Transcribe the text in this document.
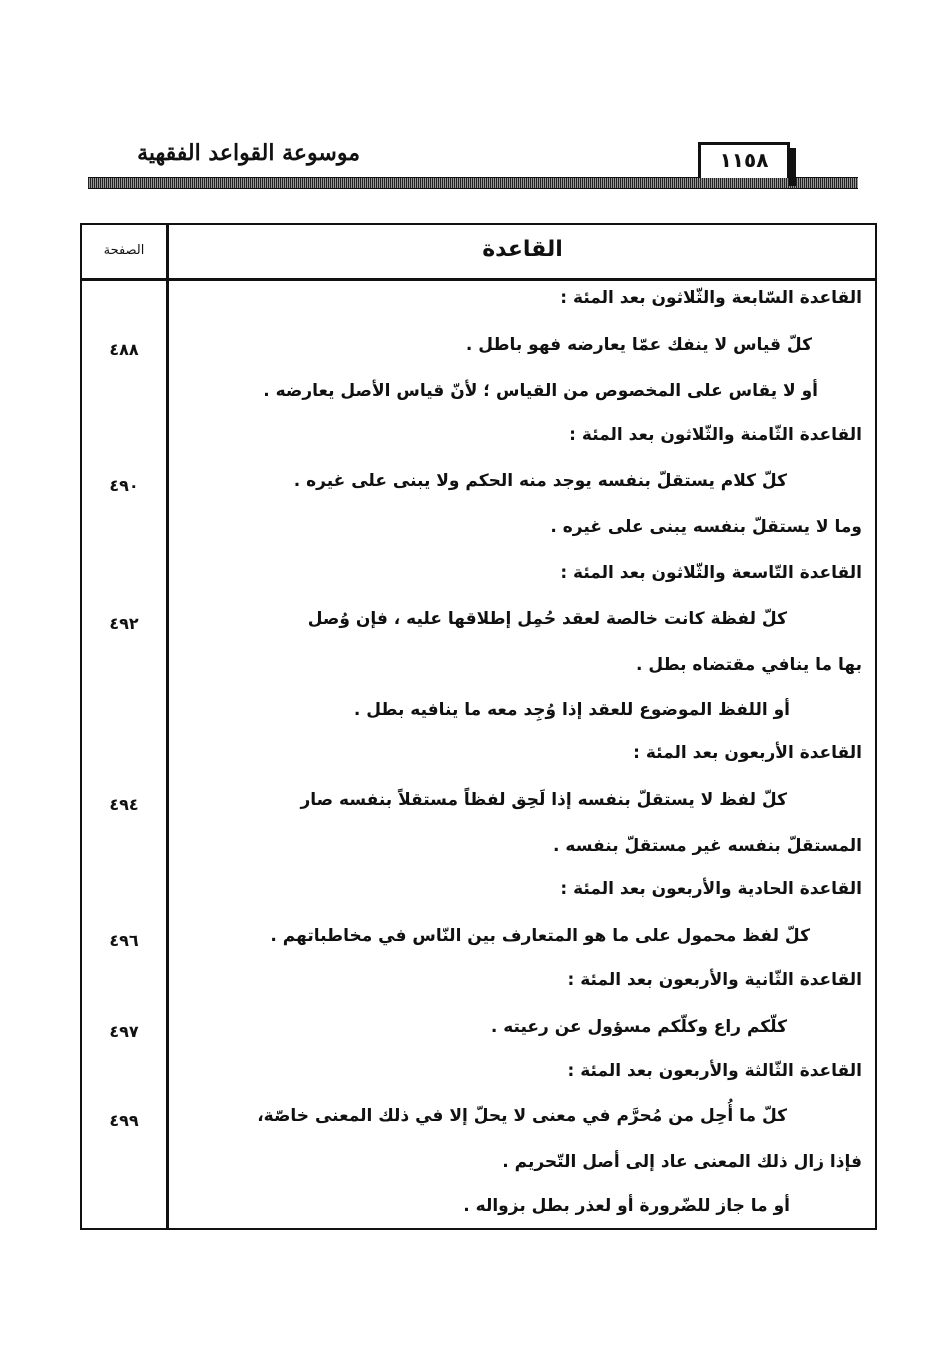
موسوعة القواعد الفقهية	١١٥٨
القاعدة
الصفحة
القاعدة السّابعة والثّلاثون بعد المئة :
كلّ قياس لا ينفك عمّا يعارضه فهو باطل .
٤٨٨
أو لا يقاس على المخصوص من القياس ؛ لأنّ قياس الأصل يعارضه .
القاعدة الثّامنة والثّلاثون بعد المئة :
كلّ كلام يستقلّ بنفسه يوجد منه الحكم ولا يبنى على غيره .
٤٩٠
وما لا يستقلّ بنفسه يبنى على غيره .
القاعدة التّاسعة والثّلاثون بعد المئة :
كلّ لفظة كانت خالصة لعقد حُمِل إطلاقها عليه ، فإن وُصل
٤٩٢
بها ما ينافي مقتضاه بطل .
أو اللفظ الموضوع للعقد إذا وُجِد معه ما ينافيه بطل .
القاعدة الأربعون بعد المئة :
كلّ لفظ لا يستقلّ بنفسه إذا لَحِق لفظاً مستقلاً بنفسه صار
٤٩٤
المستقلّ بنفسه غير مستقلّ بنفسه .
القاعدة الحادية والأربعون بعد المئة :
كلّ لفظ محمول على ما هو المتعارف بين النّاس في مخاطباتهم .
٤٩٦
القاعدة الثّانية والأربعون بعد المئة :
كلّكم راع وكلّكم مسؤول عن رعيته .
٤٩٧
القاعدة الثّالثة والأربعون بعد المئة :
كلّ ما أُحِل من مُحرَّم في معنى لا يحلّ إلا في ذلك المعنى خاصّة،
٤٩٩
فإذا زال ذلك المعنى عاد إلى أصل التّحريم .
أو ما جاز للضّرورة أو لعذر بطل بزواله .
